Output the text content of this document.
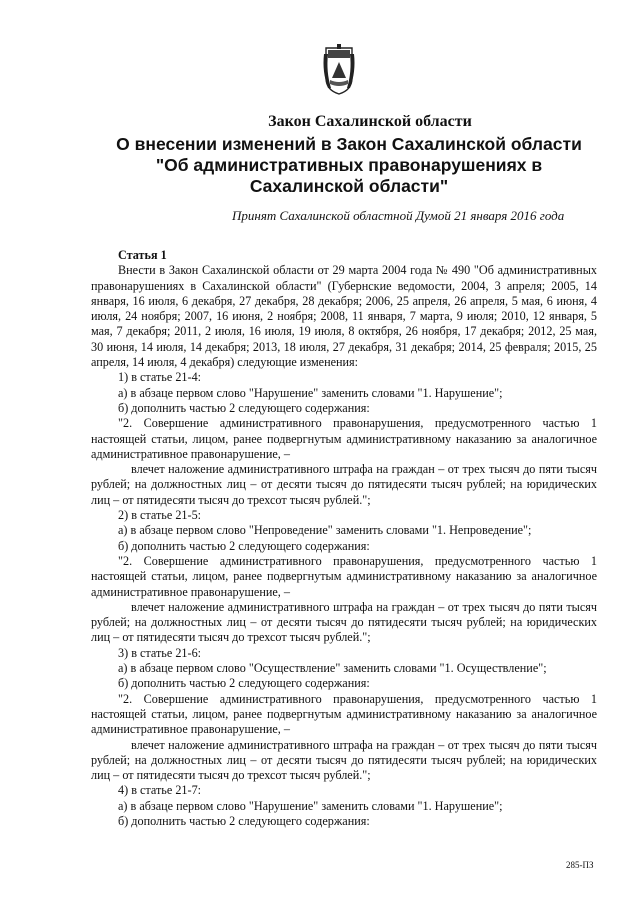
Закон Сахалинской области
О внесении изменений в Закон Сахалинской области "Об административных правонарушениях в Сахалинской области"
Принят Сахалинской областной Думой 21 января 2016 года

Статья 1

Внести в Закон Сахалинской области от 29 марта 2004 года № 490 "Об административных правонарушениях в Сахалинской области" (Губернские ведомости, 2004, 3 апреля; 2005, 14 января, 16 июля, 6 декабря, 27 декабря, 28 декабря; 2006, 25 апреля, 26 апреля, 5 мая, 6 июня, 4 июля, 24 ноября; 2007, 16 июня, 2 ноября; 2008, 11 января, 7 марта, 9 июля; 2010, 12 января, 5 мая, 7 декабря; 2011, 2 июля, 16 июля, 19 июля, 8 октября, 26 ноября, 17 декабря; 2012, 25 мая, 30 июня, 14 июля, 14 декабря; 2013, 18 июля, 27 декабря, 31 декабря; 2014, 25 февраля; 2015, 25 апреля, 14 июля, 4 декабря) следующие изменения:

1) в статье 21-4:

а) в абзаце первом слово "Нарушение" заменить словами "1. Нарушение";

б) дополнить частью 2 следующего содержания:

"2. Совершение административного правонарушения, предусмотренного частью 1 настоящей статьи, лицом, ранее подвергнутым административному наказанию за аналогичное административное правонарушение, –

влечет наложение административного штрафа на граждан – от трех тысяч до пяти тысяч рублей; на должностных лиц – от десяти тысяч до пятидесяти тысяч рублей; на юридических лиц – от пятидесяти тысяч до трехсот тысяч рублей.";

2) в статье 21-5:

а) в абзаце первом слово "Непроведение" заменить словами "1. Непроведение";

б) дополнить частью 2 следующего содержания:

"2. Совершение административного правонарушения, предусмотренного частью 1 настоящей статьи, лицом, ранее подвергнутым административному наказанию за аналогичное административное правонарушение, –

влечет наложение административного штрафа на граждан – от трех тысяч до пяти тысяч рублей; на должностных лиц – от десяти тысяч до пятидесяти тысяч рублей; на юридических лиц – от пятидесяти тысяч до трехсот тысяч рублей.";

3) в статье 21-6:

а) в абзаце первом слово "Осуществление" заменить словами "1. Осуществление";

б) дополнить частью 2 следующего содержания:

"2. Совершение административного правонарушения, предусмотренного частью 1 настоящей статьи, лицом, ранее подвергнутым административному наказанию за аналогичное административное правонарушение, –

влечет наложение административного штрафа на граждан – от трех тысяч до пяти тысяч рублей; на должностных лиц – от десяти тысяч до пятидесяти тысяч рублей; на юридических лиц – от пятидесяти тысяч до трехсот тысяч рублей.";

4) в статье 21-7:

а) в абзаце первом слово "Нарушение" заменить словами "1. Нарушение";

б) дополнить частью 2 следующего содержания:

285-ПЗ
